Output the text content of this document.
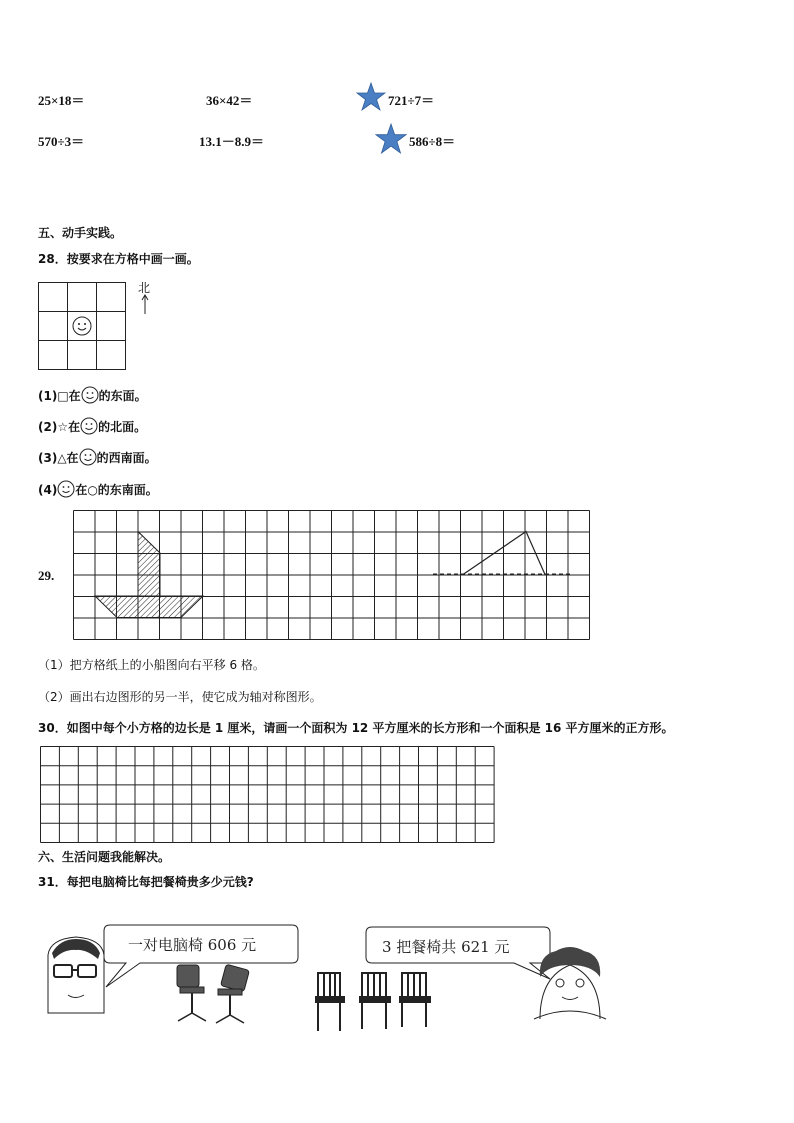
25×18＝	36×42＝	721÷7＝
570÷3＝	13.1－8.9＝	586÷8＝
五、动手实践。
28．按要求在方格中画一画。
北
(1)□在 的东面。
(2)☆在 的北面。
(3)△在 的西南面。
(4) 在○的东南面。
29.
（1）把方格纸上的小船图向右平移 6 格。
（2）画出右边图形的另一半，使它成为轴对称图形。
30．如图中每个小方格的边长是 1 厘米，请画一个面积为 12 平方厘米的长方形和一个面积是 16 平方厘米的正方形。
六、生活问题我能解决。
31．每把电脑椅比每把餐椅贵多少元钱?
一对电脑椅 606 元	3 把餐椅共 621 元
